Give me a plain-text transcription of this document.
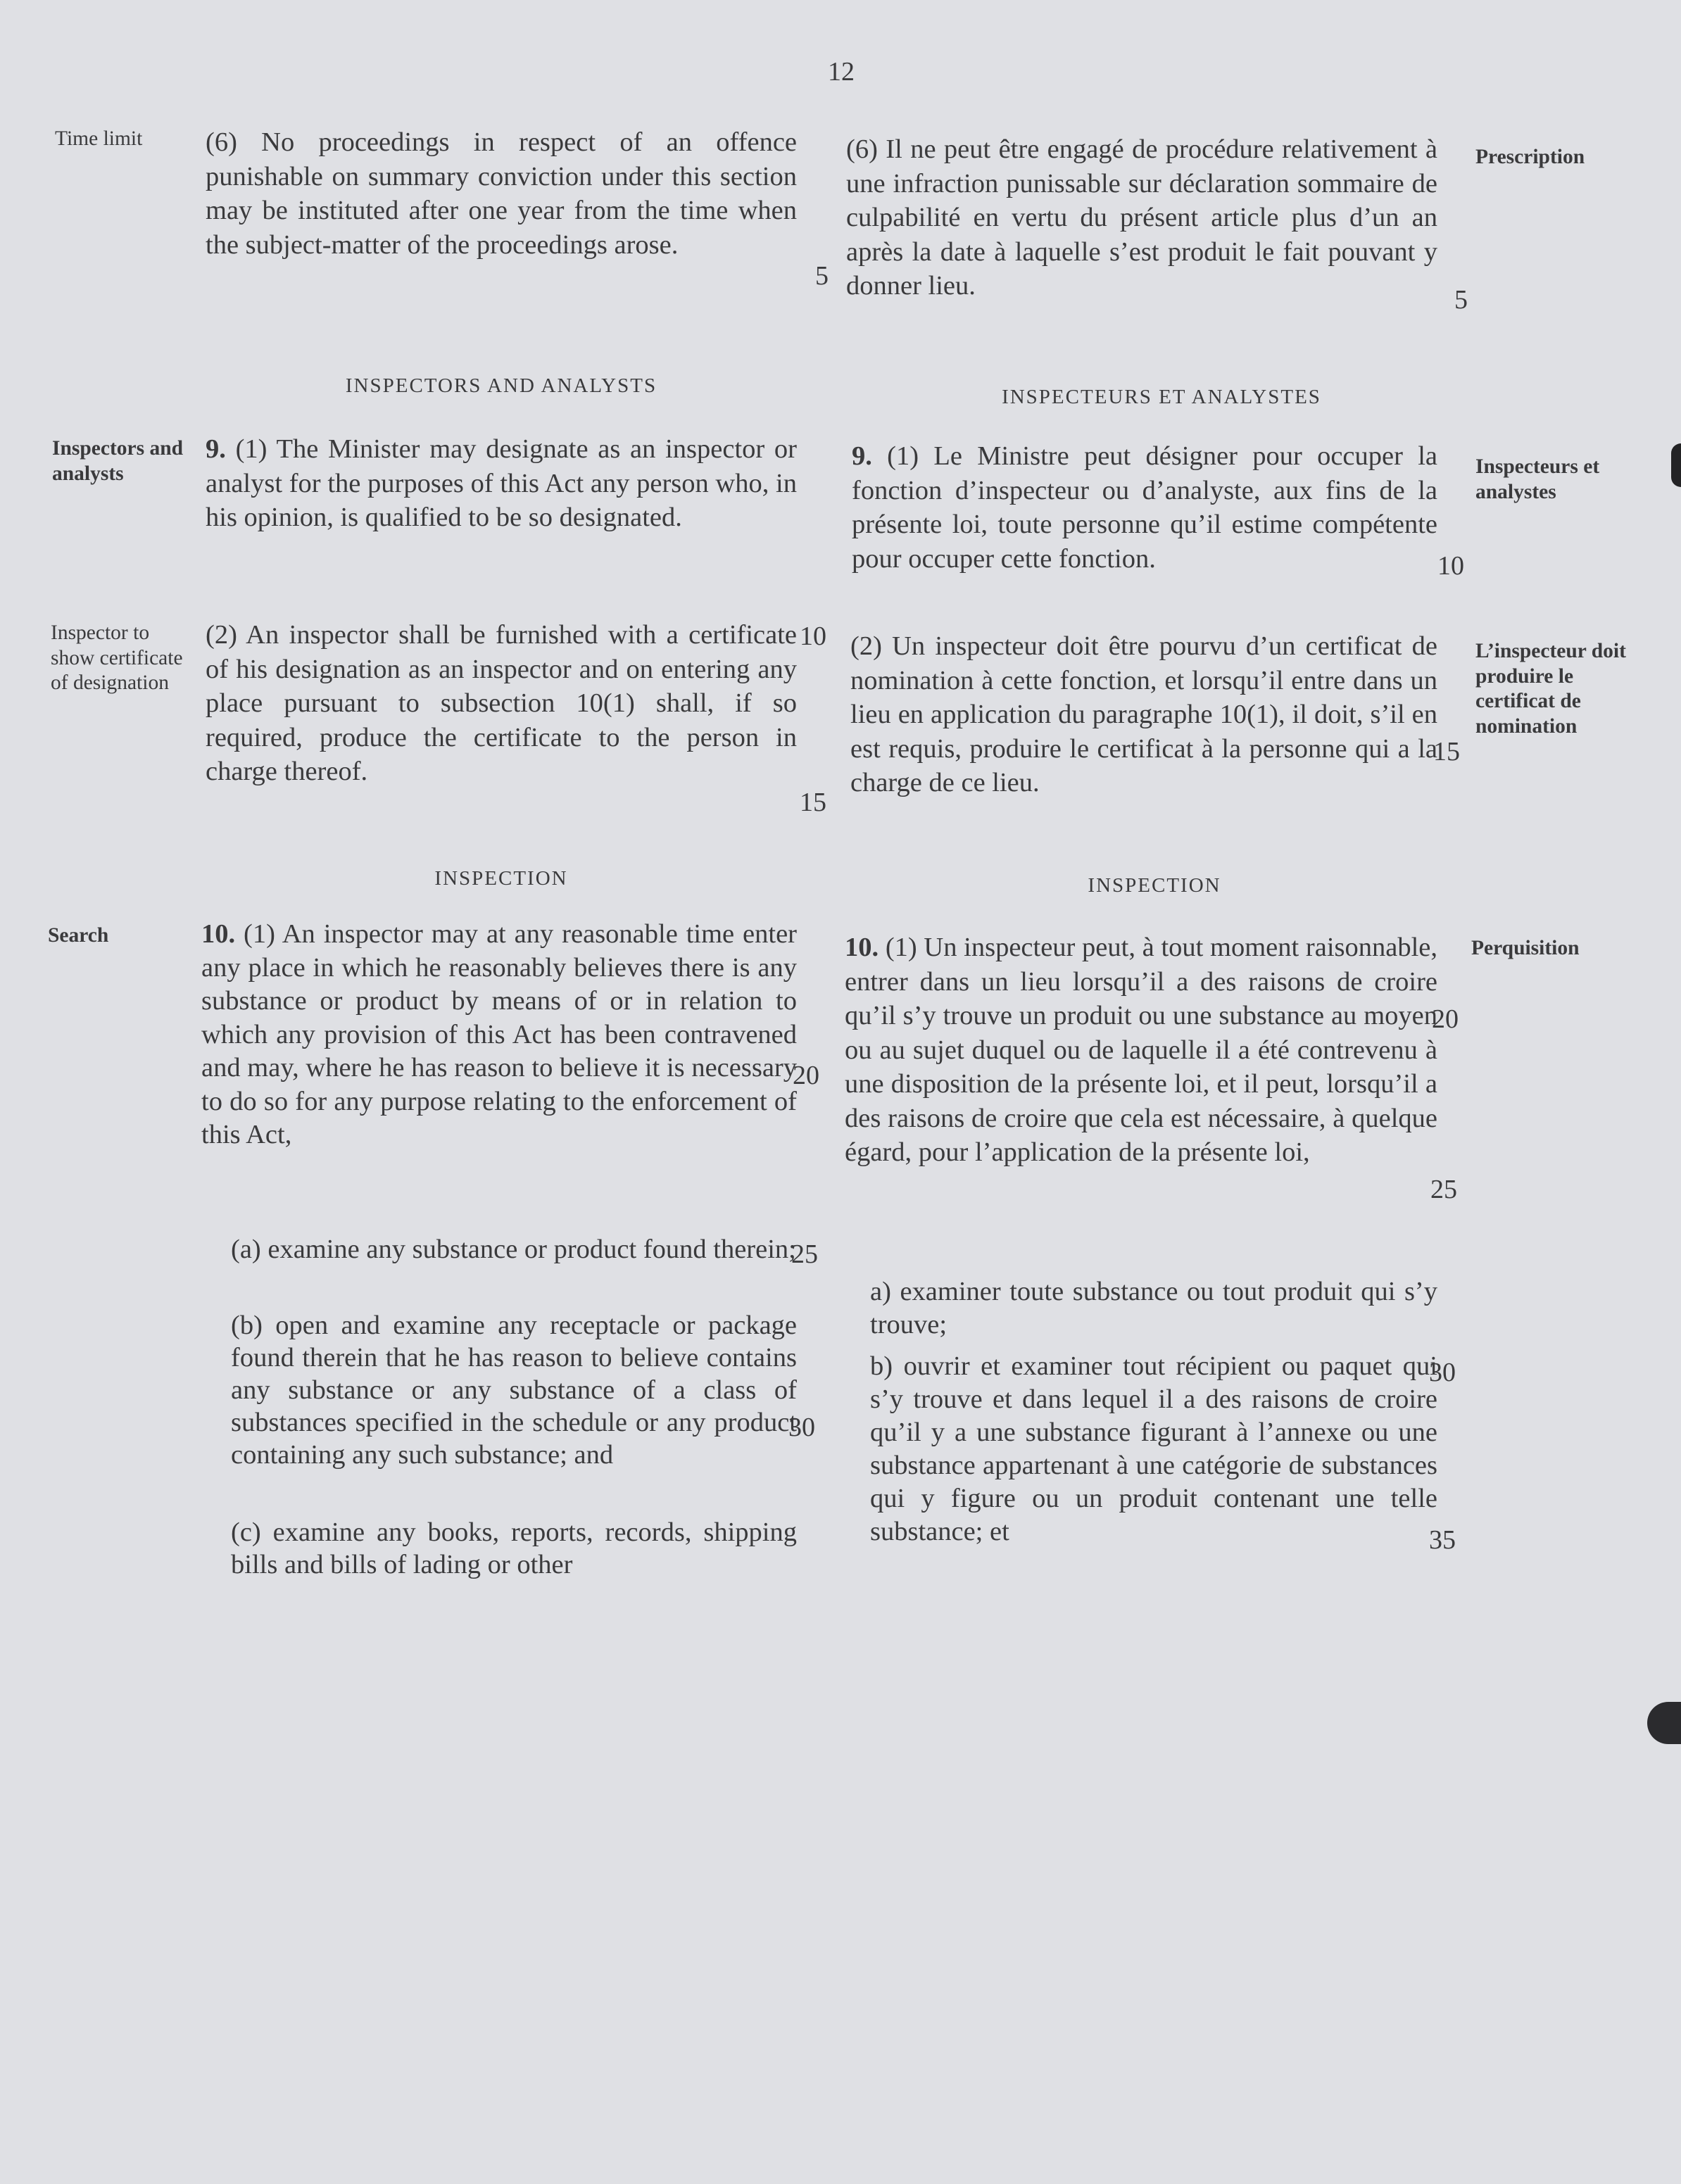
12
Time limit
Inspectors and analysts
Inspector to show certificate of designation
Search
(6) No proceedings in respect of an offence punishable on summary conviction under this section may be instituted after one year from the time when the subject-matter of the proceedings arose.
INSPECTORS AND ANALYSTS
9. (1) The Minister may designate as an inspector or analyst for the purposes of this Act any person who, in his opinion, is qualified to be so designated.
(2) An inspector shall be furnished with a certificate of his designation as an inspector and on entering any place pursuant to subsection 10(1) shall, if so required, produce the certificate to the person in charge thereof.
INSPECTION
10. (1) An inspector may at any reasonable time enter any place in which he reasonably believes there is any substance or product by means of or in relation to which any provision of this Act has been contravened and may, where he has reason to believe it is necessary to do so for any purpose relating to the enforcement of this Act,
(a) examine any substance or product found therein;
(b) open and examine any receptacle or package found therein that he has reason to believe contains any substance or any substance of a class of substances specified in the schedule or any product containing any such substance; and
(c) examine any books, reports, records, shipping bills and bills of lading or other
5
10
15
20
25
30
(6) Il ne peut être engagé de procédure relativement à une infraction punissable sur déclaration sommaire de culpabilité en vertu du présent article plus d’un an après la date à laquelle s’est produit le fait pouvant y donner lieu.
INSPECTEURS ET ANALYSTES
9. (1) Le Ministre peut désigner pour occuper la fonction d’inspecteur ou d’analyste, aux fins de la présente loi, toute personne qu’il estime compétente pour occuper cette fonction.
(2) Un inspecteur doit être pourvu d’un certificat de nomination à cette fonction, et lorsqu’il entre dans un lieu en application du paragraphe 10(1), il doit, s’il en est requis, produire le certificat à la personne qui a la charge de ce lieu.
INSPECTION
10. (1) Un inspecteur peut, à tout moment raisonnable, entrer dans un lieu lorsqu’il a des raisons de croire qu’il s’y trouve un produit ou une substance au moyen ou au sujet duquel ou de laquelle il a été contrevenu à une disposition de la présente loi, et il peut, lorsqu’il a des raisons de croire que cela est nécessaire, à quelque égard, pour l’application de la présente loi,
a) examiner toute substance ou tout produit qui s’y trouve;
b) ouvrir et examiner tout récipient ou paquet qui s’y trouve et dans lequel il a des raisons de croire qu’il y a une substance figurant à l’annexe ou une substance appartenant à une catégorie de substances qui y figure ou un produit contenant une telle substance; et
5
10
15
20
25
30
35
Prescription
Inspecteurs et analystes
L’inspecteur doit produire le certificat de nomination
Perquisition
